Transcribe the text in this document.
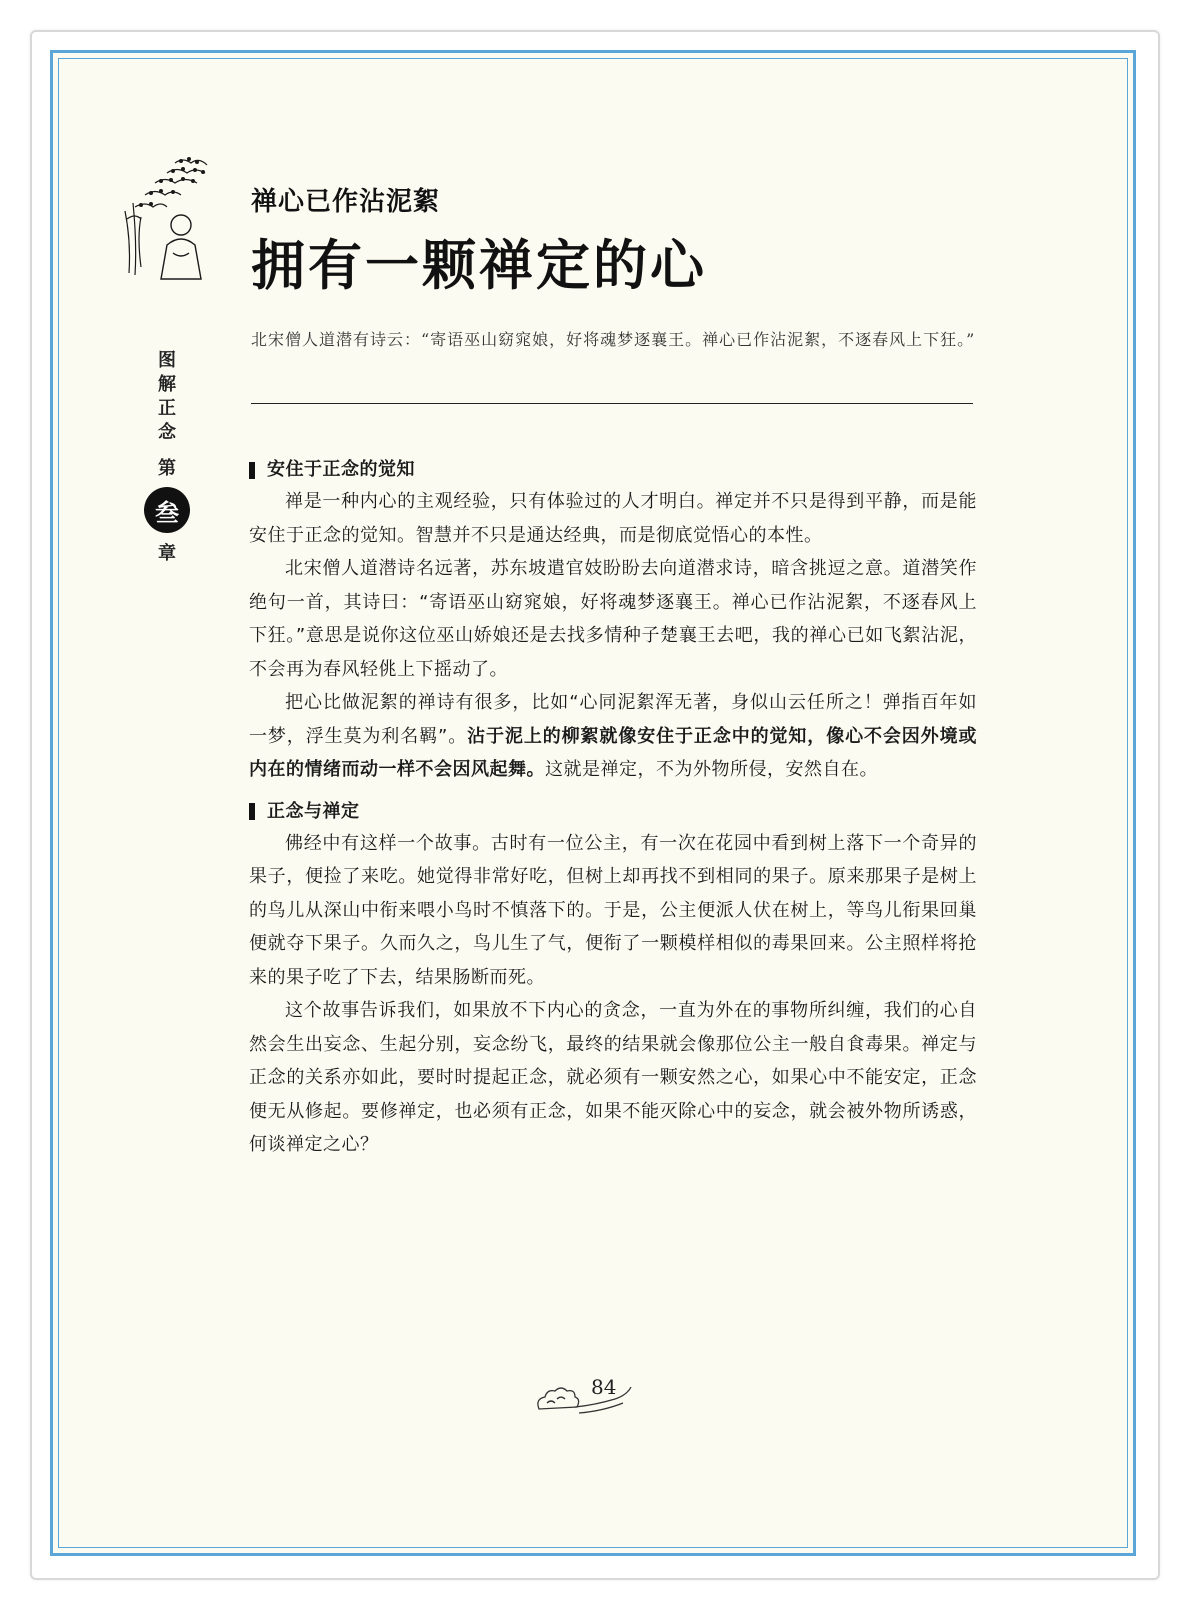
禅心已作沾泥絮
拥有一颗禅定的心
北宋僧人道潜有诗云：“寄语巫山窈窕娘，好将魂梦逐襄王。禅心已作沾泥絮，不逐春风上下狂。”
图
解
正
念
第
叁
章
安住于正念的觉知

禅是一种内心的主观经验，只有体验过的人才明白。禅定并不只是得到平静，而是能安住于正念的觉知。智慧并不只是通达经典，而是彻底觉悟心的本性。

北宋僧人道潜诗名远著，苏东坡遣官妓盼盼去向道潜求诗，暗含挑逗之意。道潜笑作绝句一首，其诗曰：“寄语巫山窈窕娘，好将魂梦逐襄王。禅心已作沾泥絮，不逐春风上下狂。”意思是说你这位巫山娇娘还是去找多情种子楚襄王去吧，我的禅心已如飞絮沾泥，不会再为春风轻佻上下摇动了。

把心比做泥絮的禅诗有很多，比如“心同泥絮浑无著，身似山云任所之！弹指百年如一梦，浮生莫为利名羁”。沾于泥上的柳絮就像安住于正念中的觉知，像心不会因外境或内在的情绪而动一样不会因风起舞。这就是禅定，不为外物所侵，安然自在。

正念与禅定

佛经中有这样一个故事。古时有一位公主，有一次在花园中看到树上落下一个奇异的果子，便捡了来吃。她觉得非常好吃，但树上却再找不到相同的果子。原来那果子是树上的鸟儿从深山中衔来喂小鸟时不慎落下的。于是，公主便派人伏在树上，等鸟儿衔果回巢便就夺下果子。久而久之，鸟儿生了气，便衔了一颗模样相似的毒果回来。公主照样将抢来的果子吃了下去，结果肠断而死。

这个故事告诉我们，如果放不下内心的贪念，一直为外在的事物所纠缠，我们的心自然会生出妄念、生起分别，妄念纷飞，最终的结果就会像那位公主一般自食毒果。禅定与正念的关系亦如此，要时时提起正念，就必须有一颗安然之心，如果心中不能安定，正念便无从修起。要修禅定，也必须有正念，如果不能灭除心中的妄念，就会被外物所诱惑，何谈禅定之心？

84
